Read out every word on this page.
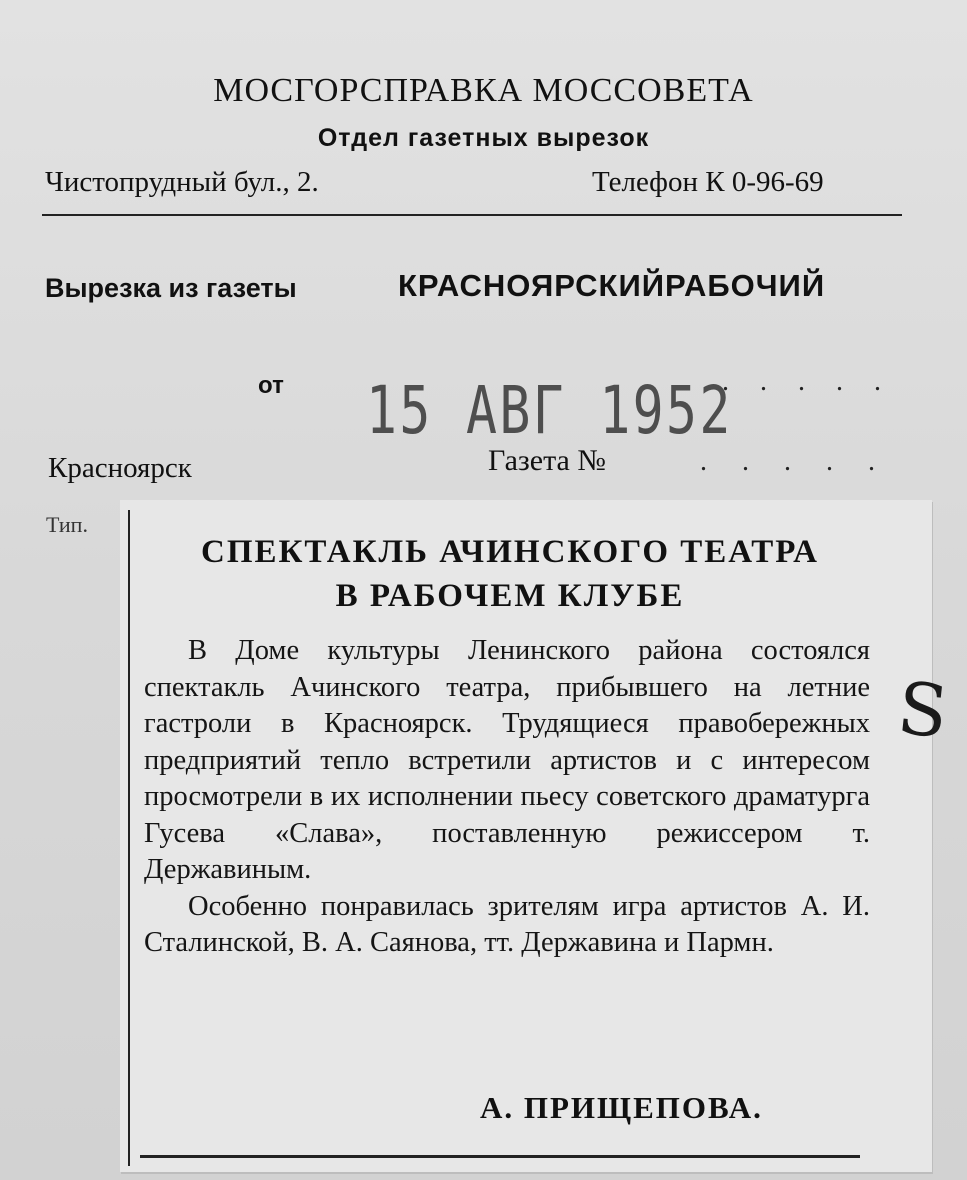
МОСГОРСПРАВКА МОССОВЕТА
Отдел газетных вырезок
Чистопрудный бул., 2.	Телефон К 0-96-69
Вырезка из газеты	КРАСНОЯРСКИЙРАБОЧИЙ
от	. . . . .
15 АВГ 1952
Красноярск	Газета №	. . . . .
Тип.
СПЕКТАКЛЬ АЧИНСКОГО ТЕАТРА
В РАБОЧЕМ КЛУБЕ

В Доме культуры Ленинского района состоялся спектакль Ачинского театра, прибывшего на летние гастроли в Красноярск. Трудящиеся правобережных предприятий тепло встретили артистов и с интересом просмотрели в их исполнении пьесу советского драматурга Гусева «Слава», поставленную режиссером т. Державиным.

Особенно понравилась зрителям игра артистов А. И. Сталинской, В. А. Саянова, тт. Державина и Пармн.

А. ПРИЩЕПОВА.
S
